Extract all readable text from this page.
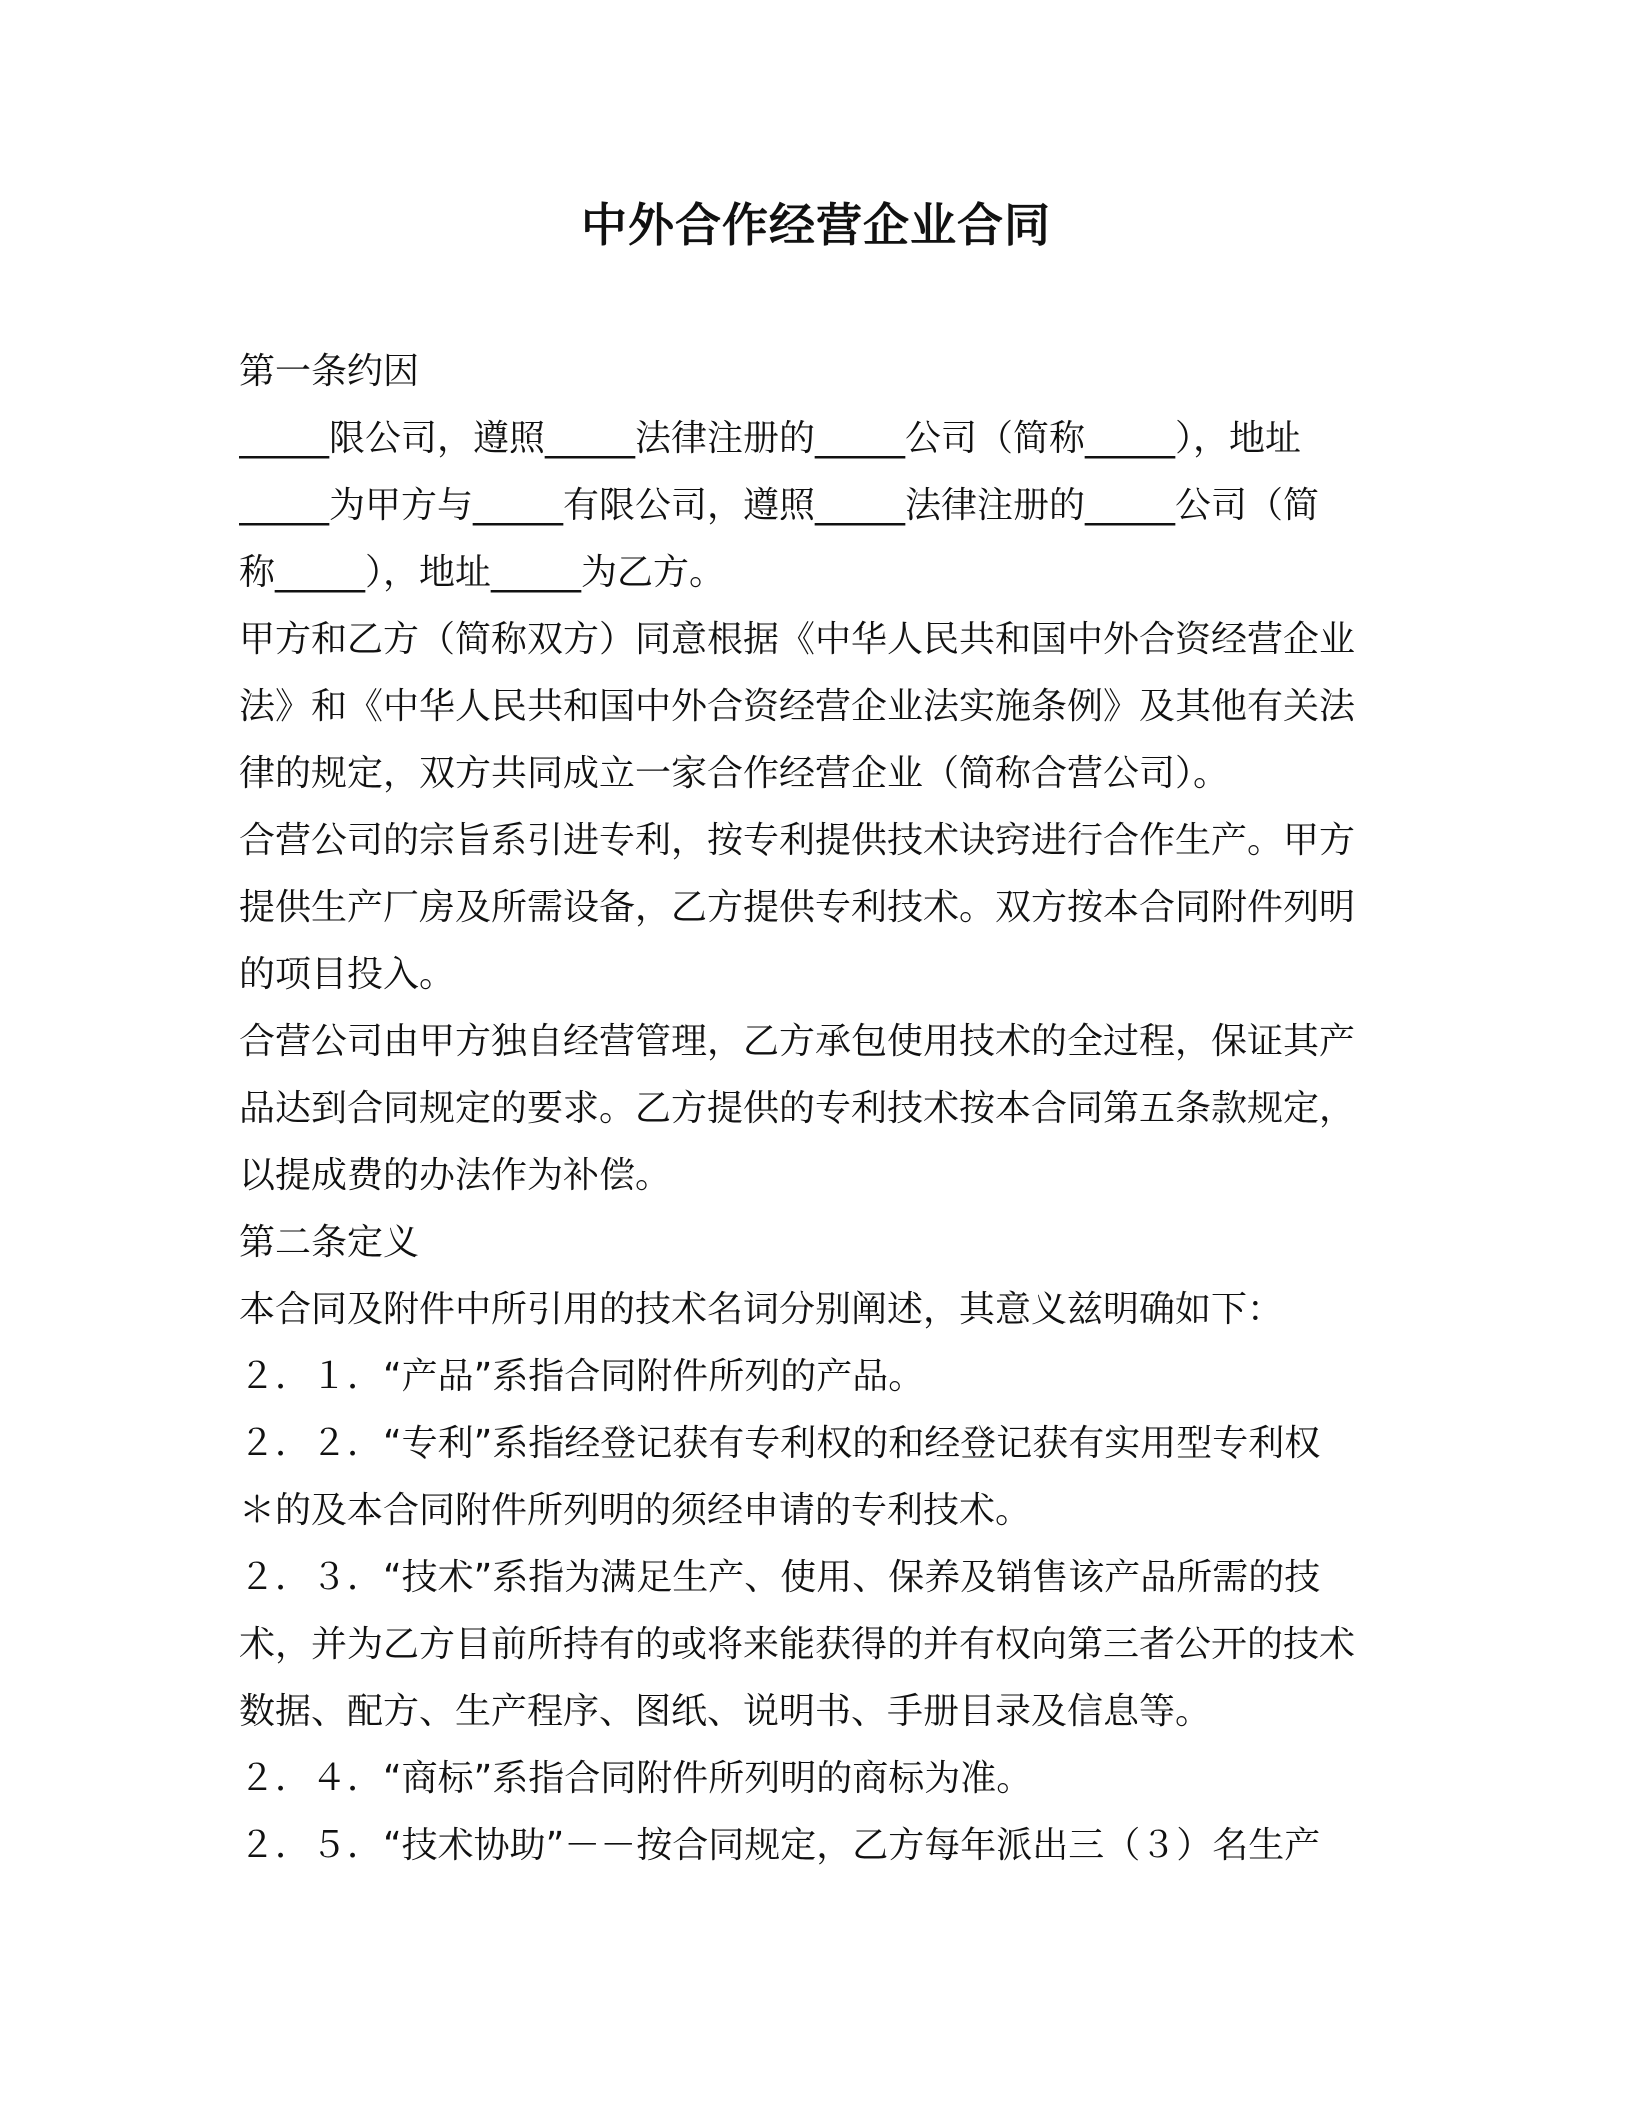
中外合作经营企业合同

第一条约因

_____限公司，遵照_____法律注册的_____公司（简称_____），地址

_____为甲方与_____有限公司，遵照_____法律注册的_____公司（简

称_____），地址_____为乙方。

甲方和乙方（简称双方）同意根据《中华人民共和国中外合资经营企业

法》和《中华人民共和国中外合资经营企业法实施条例》及其他有关法

律的规定，双方共同成立一家合作经营企业（简称合营公司）。

合营公司的宗旨系引进专利，按专利提供技术诀窍进行合作生产。甲方

提供生产厂房及所需设备，乙方提供专利技术。双方按本合同附件列明

的项目投入。

合营公司由甲方独自经营管理，乙方承包使用技术的全过程，保证其产

品达到合同规定的要求。乙方提供的专利技术按本合同第五条款规定，

以提成费的办法作为补偿。

第二条定义

本合同及附件中所引用的技术名词分别阐述，其意义兹明确如下：

２．１．“产品”系指合同附件所列的产品。

２．２．“专利”系指经登记获有专利权的和经登记获有实用型专利权

＊的及本合同附件所列明的须经申请的专利技术。

２．３．“技术”系指为满足生产、使用、保养及销售该产品所需的技

术，并为乙方目前所持有的或将来能获得的并有权向第三者公开的技术

数据、配方、生产程序、图纸、说明书、手册目录及信息等。

２．４．“商标”系指合同附件所列明的商标为准。

２．５．“技术协助”－－按合同规定，乙方每年派出三（３）名生产
